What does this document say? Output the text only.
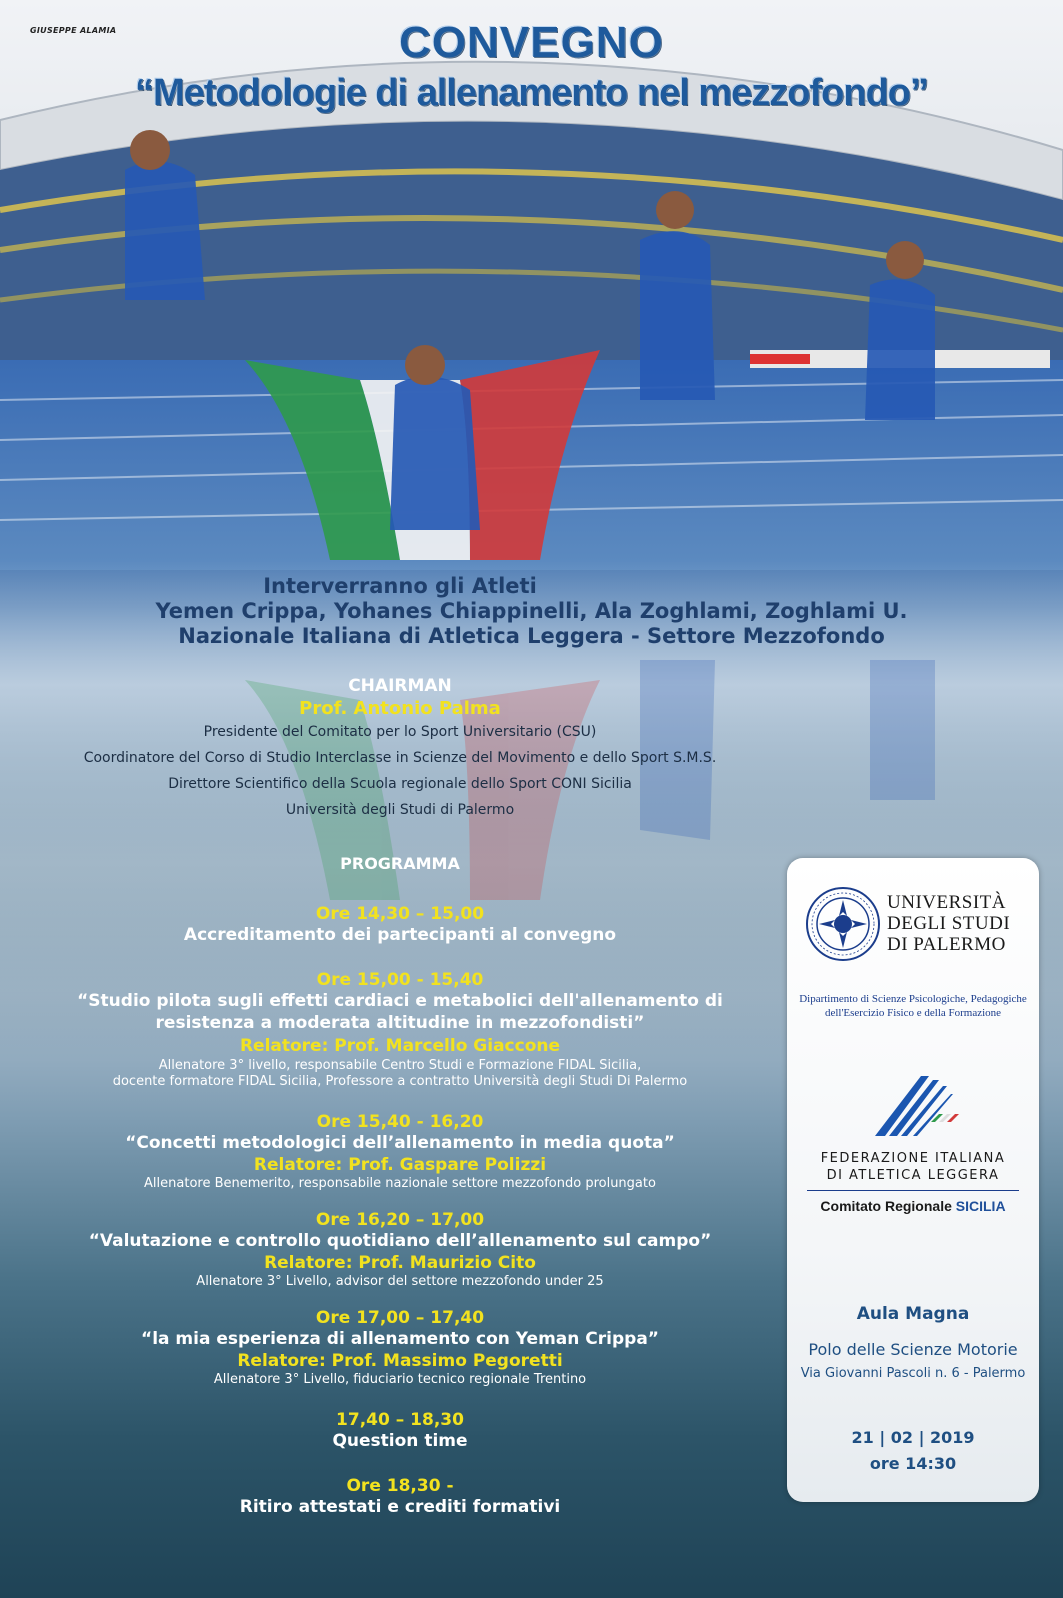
GIUSEPPE ALAMIA	CONVEGNO
“Metodologie di allenamento nel mezzofondo”
Interverranno gli Atleti
Yemen Crippa, Yohanes Chiappinelli, Ala Zoghlami, Zoghlami U.
Nazionale Italiana di Atletica Leggera - Settore Mezzofondo
CHAIRMAN
Prof. Antonio Palma
Presidente del Comitato per lo Sport Universitario (CSU)
Coordinatore del Corso di Studio Interclasse in Scienze del Movimento e dello Sport S.M.S.
Direttore Scientifico della Scuola regionale dello Sport CONI Sicilia
Università degli Studi di Palermo
PROGRAMMA
Ore 14,30 – 15,00
Accreditamento dei partecipanti al convegno
Ore 15,00 - 15,40
“Studio pilota sugli effetti cardiaci e metabolici dell'allenamento di
resistenza a moderata altitudine in mezzofondisti”
Relatore: Prof. Marcello Giaccone
Allenatore 3° livello, responsabile Centro Studi e Formazione FIDAL Sicilia,
docente formatore FIDAL Sicilia, Professore a contratto Università degli Studi Di Palermo
Ore 15,40 - 16,20
“Concetti metodologici dell’allenamento in media quota”
Relatore: Prof. Gaspare Polizzi
Allenatore Benemerito, responsabile nazionale settore mezzofondo prolungato
Ore 16,20 – 17,00
“Valutazione e controllo quotidiano dell’allenamento sul campo”
Relatore: Prof. Maurizio Cito
Allenatore 3° Livello, advisor del settore mezzofondo under 25
Ore 17,00 – 17,40
“la mia esperienza di allenamento con Yeman Crippa”
Relatore: Prof. Massimo Pegoretti
Allenatore 3° Livello, fiduciario tecnico regionale Trentino
17,40 – 18,30
Question time
Ore 18,30 -
Ritiro attestati e crediti formativi
UNIVERSITÀ
DEGLI STUDI
DI PALERMO
Dipartimento di Scienze Psicologiche, Pedagogiche
dell'Esercizio Fisico e della Formazione
FEDERAZIONE ITALIANA
DI ATLETICA LEGGERA
Comitato Regionale SICILIA
Aula Magna
Polo delle Scienze Motorie
Via Giovanni Pascoli n. 6 - Palermo
21 | 02 | 2019
ore 14:30
